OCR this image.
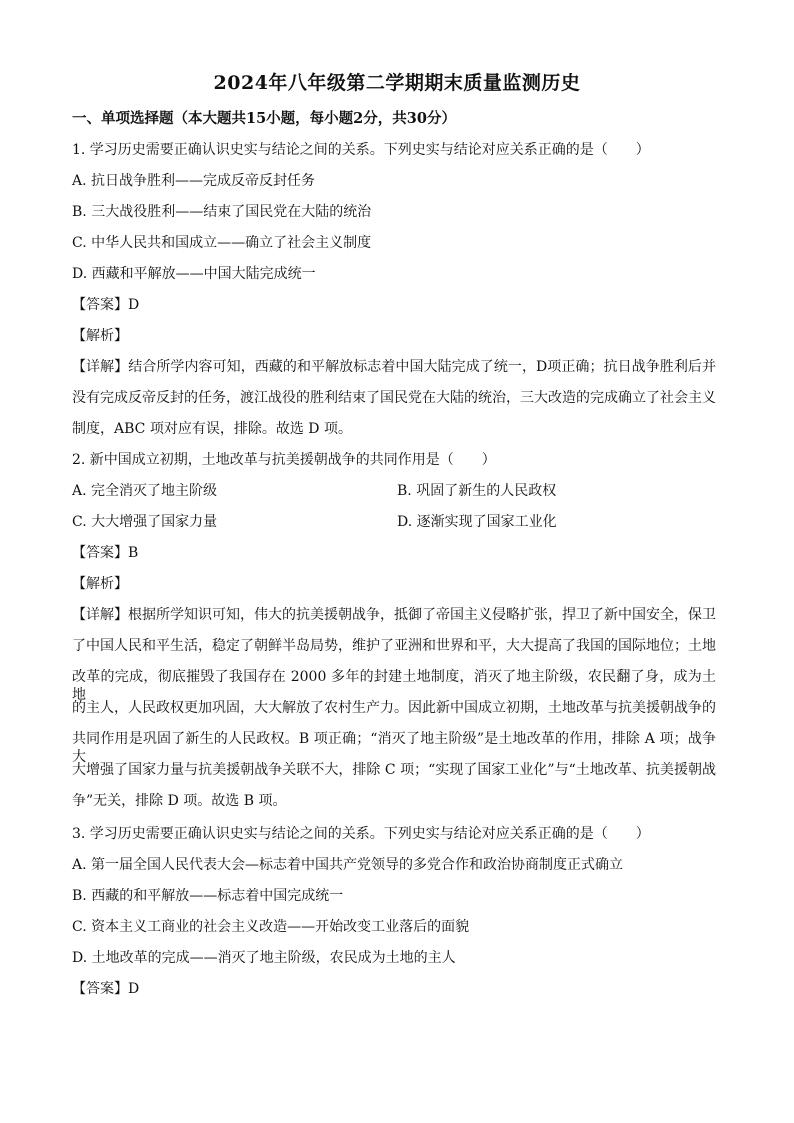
2024年八年级第二学期期末质量监测历史
一、单项选择题（本大题共15小题，每小题2分，共30分）
1. 学习历史需要正确认识史实与结论之间的关系。下列史实与结论对应关系正确的是（　　）
A. 抗日战争胜利——完成反帝反封任务
B. 三大战役胜利——结束了国民党在大陆的统治
C. 中华人民共和国成立——确立了社会主义制度
D. 西藏和平解放——中国大陆完成统一
【答案】D
【解析】
【详解】结合所学内容可知，西藏的和平解放标志着中国大陆完成了统一，D项正确；抗日战争胜利后并
没有完成反帝反封的任务，渡江战役的胜利结束了国民党在大陆的统治，三大改造的完成确立了社会主义
制度，ABC 项对应有误，排除。故选 D 项。
2. 新中国成立初期，土地改革与抗美援朝战争的共同作用是（　　）
A. 完全消灭了地主阶级	B. 巩固了新生的人民政权
C. 大大增强了国家力量	D. 逐渐实现了国家工业化
【答案】B
【解析】
【详解】根据所学知识可知，伟大的抗美援朝战争，抵御了帝国主义侵略扩张，捍卫了新中国安全，保卫
了中国人民和平生活，稳定了朝鲜半岛局势，维护了亚洲和世界和平，大大提高了我国的国际地位；土地
改革的完成，彻底摧毁了我国存在 2000 多年的封建土地制度，消灭了地主阶级，农民翻了身，成为土地
的主人，人民政权更加巩固，大大解放了农村生产力。因此新中国成立初期，土地改革与抗美援朝战争的
共同作用是巩固了新生的人民政权。B 项正确；“消灭了地主阶级”是土地改革的作用，排除 A 项；战争大
大增强了国家力量与抗美援朝战争关联不大，排除 C 项；“实现了国家工业化”与“土地改革、抗美援朝战
争”无关，排除 D 项。故选 B 项。
3. 学习历史需要正确认识史实与结论之间的关系。下列史实与结论对应关系正确的是（　　）
A. 第一届全国人民代表大会—标志着中国共产党领导的多党合作和政治协商制度正式确立
B. 西藏的和平解放——标志着中国完成统一
C. 资本主义工商业的社会主义改造——开始改变工业落后的面貌
D. 土地改革的完成——消灭了地主阶级，农民成为土地的主人
【答案】D
